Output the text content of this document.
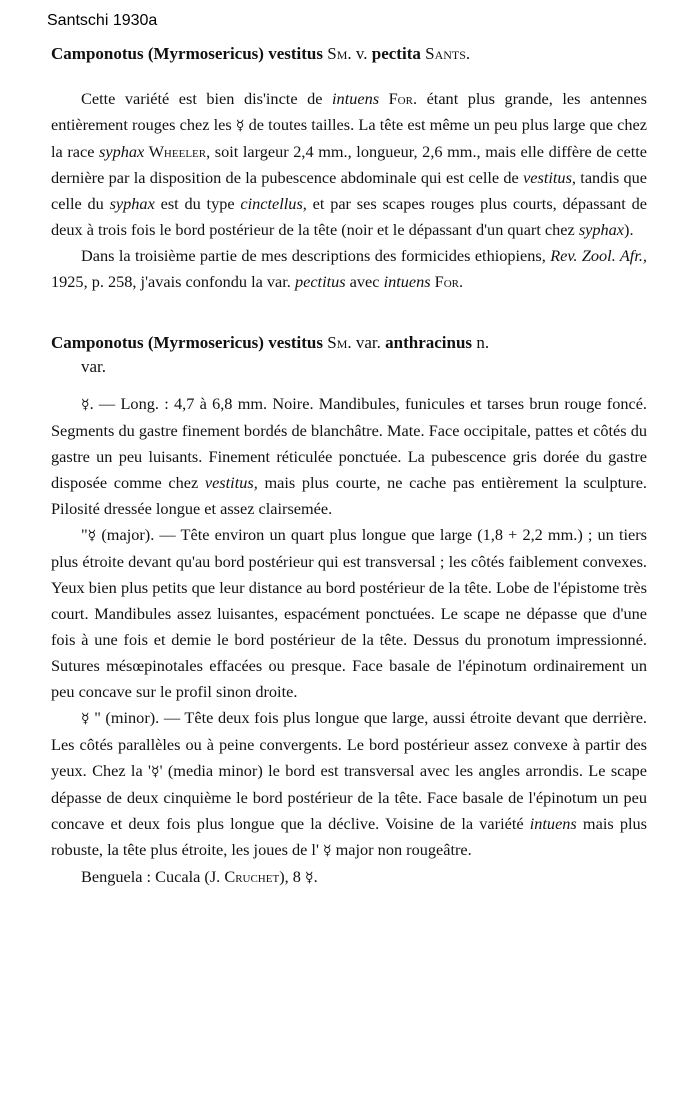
Santschi 1930a
Camponotus (Myrmosericus) vestitus Sm. v. pectita Sants.

Cette variété est bien dis'incte de intuens For. étant plus grande, les antennes entièrement rouges chez les ☿ de toutes tailles. La tête est même un peu plus large que chez la race syphax Wheeler, soit largeur 2,4 mm., longueur, 2,6 mm., mais elle diffère de cette dernière par la disposition de la pubescence abdominale qui est celle de vestitus, tandis que celle du syphax est du type cinctellus, et par ses scapes rouges plus courts, dépassant de deux à trois fois le bord postérieur de la tête (noir et le dépassant d'un quart chez syphax).

Dans la troisième partie de mes descriptions des formicides ethiopiens, Rev. Zool. Afr., 1925, p. 258, j'avais confondu la var. pectitus avec intuens For.

Camponotus (Myrmosericus) vestitus Sm. var. anthracinus n.
var.

☿. — Long. : 4,7 à 6,8 mm. Noire. Mandibules, funicules et tarses brun rouge foncé. Segments du gastre finement bordés de blanchâtre. Mate. Face occipitale, pattes et côtés du gastre un peu luisants. Finement réticulée ponctuée. La pubescence gris dorée du gastre disposée comme chez vestitus, mais plus courte, ne cache pas entièrement la sculpture. Pilosité dressée longue et assez clairsemée.

"☿ (major). — Tête environ un quart plus longue que large (1,8 + 2,2 mm.) ; un tiers plus étroite devant qu'au bord postérieur qui est transversal ; les côtés faiblement convexes. Yeux bien plus petits que leur distance au bord postérieur de la tête. Lobe de l'épistome très court. Mandibules assez luisantes, espacément ponctuées. Le scape ne dépasse que d'une fois à une fois et demie le bord postérieur de la tête. Dessus du pronotum impressionné. Sutures mésœpinotales effacées ou presque. Face basale de l'épinotum ordinairement un peu concave sur le profil sinon droite.

☿ " (minor). — Tête deux fois plus longue que large, aussi étroite devant que derrière. Les côtés parallèles ou à peine convergents. Le bord postérieur assez convexe à partir des yeux. Chez la '☿' (media minor) le bord est transversal avec les angles arrondis. Le scape dépasse de deux cinquième le bord postérieur de la tête. Face basale de l'épinotum un peu concave et deux fois plus longue que la déclive. Voisine de la variété intuens mais plus robuste, la tête plus étroite, les joues de l' ☿ major non rougeâtre.

Benguela : Cucala (J. Cruchet), 8 ☿.
